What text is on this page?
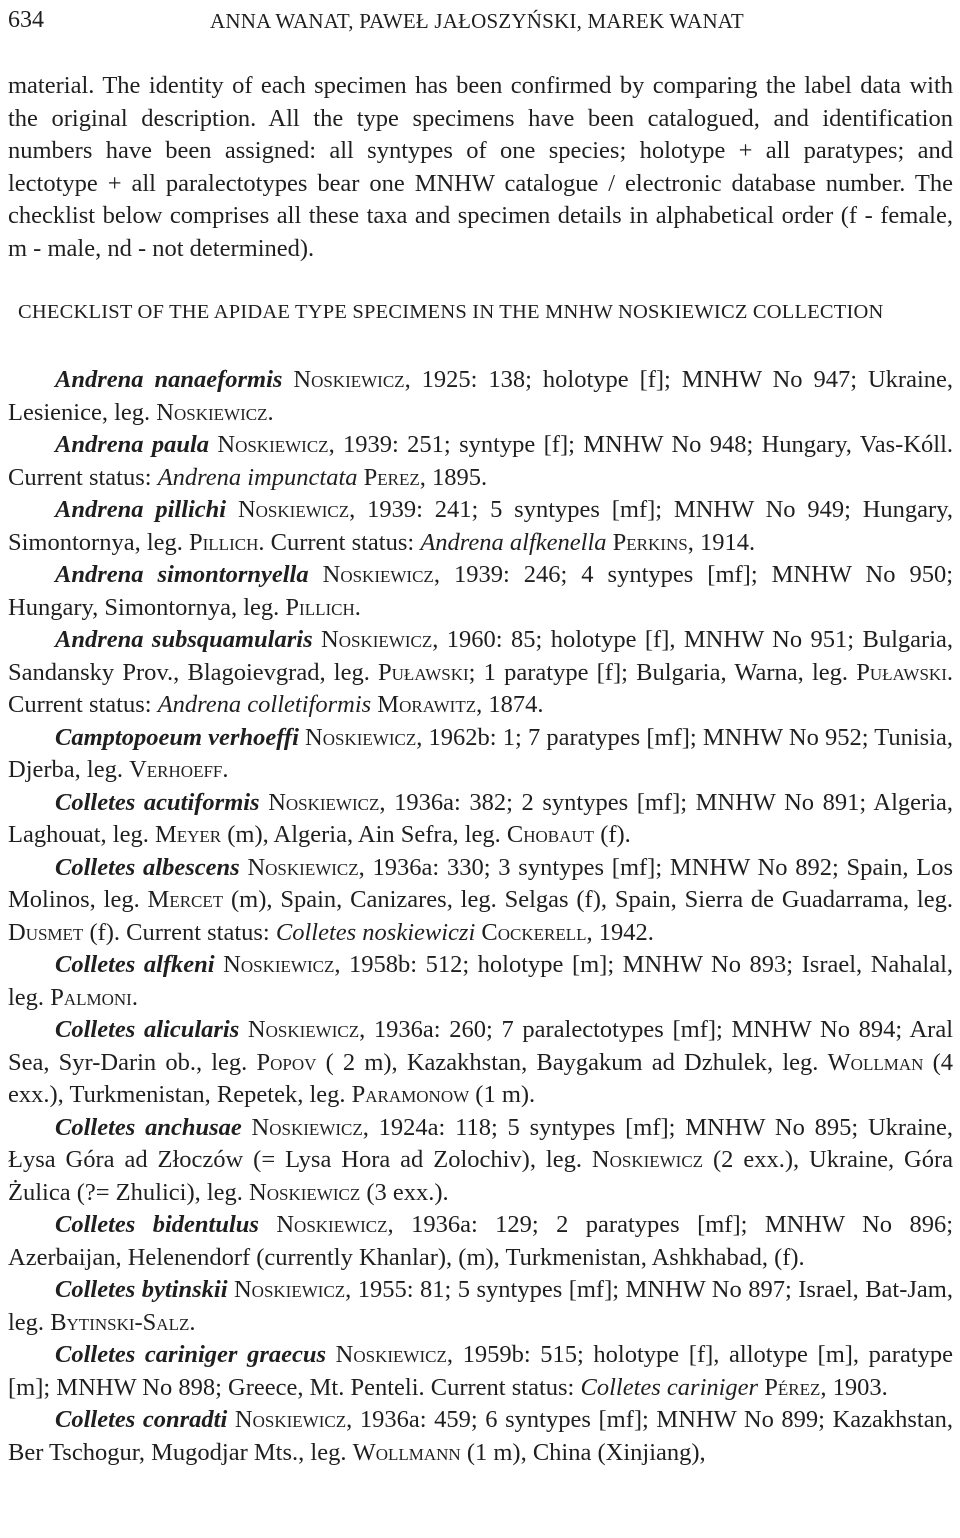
634	ANNA WANAT, PAWEŁ JAŁOSZYŃSKI, MAREK WANAT

material. The identity of each specimen has been confirmed by comparing the label data with the original description. All the type specimens have been catalogued, and identification numbers have been assigned: all syntypes of one species; holotype + all paratypes; and lectotype + all paralectotypes bear one MNHW catalogue / electronic database number. The checklist below comprises all these taxa and specimen details in alphabetical order (f - female, m - male, nd - not determined).

CHECKLIST OF THE APIDAE TYPE SPECIMENS IN THE MNHW NOSKIEWICZ COLLECTION

Andrena nanaeformis Noskiewicz, 1925: 138; holotype [f]; MNHW No 947; Ukraine, Lesienice, leg. Noskiewicz.

Andrena paula Noskiewicz, 1939: 251; syntype [f]; MNHW No 948; Hungary, Vas-Kóll. Current status: Andrena impunctata Perez, 1895.

Andrena pillichi Noskiewicz, 1939: 241; 5 syntypes [mf]; MNHW No 949; Hungary, Simontornya, leg. Pillich. Current status: Andrena alfkenella Perkins, 1914.

Andrena simontornyella Noskiewicz, 1939: 246; 4 syntypes [mf]; MNHW No 950; Hungary, Simontornya, leg. Pillich.

Andrena subsquamularis Noskiewicz, 1960: 85; holotype [f], MNHW No 951; Bulgaria, Sandansky Prov., Blagoievgrad, leg. Puławski; 1 paratype [f]; Bulgaria, Warna, leg. Puławski. Current status: Andrena colletiformis Morawitz, 1874.

Camptopoeum verhoeffi Noskiewicz, 1962b: 1; 7 paratypes [mf]; MNHW No 952; Tunisia, Djerba, leg. Verhoeff.

Colletes acutiformis Noskiewicz, 1936a: 382; 2 syntypes [mf]; MNHW No 891; Algeria, Laghouat, leg. Meyer (m), Algeria, Ain Sefra, leg. Chobaut (f).

Colletes albescens Noskiewicz, 1936a: 330; 3 syntypes [mf]; MNHW No 892; Spain, Los Molinos, leg. Mercet (m), Spain, Canizares, leg. Selgas (f), Spain, Sierra de Guadarrama, leg. Dusmet (f). Current status: Colletes noskiewiczi Cockerell, 1942.

Colletes alfkeni Noskiewicz, 1958b: 512; holotype [m]; MNHW No 893; Israel, Nahalal, leg. Palmoni.

Colletes alicularis Noskiewicz, 1936a: 260; 7 paralectotypes [mf]; MNHW No 894; Aral Sea, Syr-Darin ob., leg. Popov ( 2 m), Kazakhstan, Baygakum ad Dzhulek, leg. Wollman (4 exx.), Turkmenistan, Repetek, leg. Paramonow (1 m).

Colletes anchusae Noskiewicz, 1924a: 118; 5 syntypes [mf]; MNHW No 895; Ukraine, Łysa Góra ad Złoczów (= Lysa Hora ad Zolochiv), leg. Noskiewicz (2 exx.), Ukraine, Góra Żulica (?= Zhulici), leg. Noskiewicz (3 exx.).

Colletes bidentulus Noskiewicz, 1936a: 129; 2 paratypes [mf]; MNHW No 896; Azerbaijan, Helenendorf (currently Khanlar), (m), Turkmenistan, Ashkhabad, (f).

Colletes bytinskii Noskiewicz, 1955: 81; 5 syntypes [mf]; MNHW No 897; Israel, Bat-Jam, leg. Bytinski-Salz.

Colletes cariniger graecus Noskiewicz, 1959b: 515; holotype [f], allotype [m], paratype [m]; MNHW No 898; Greece, Mt. Penteli. Current status: Colletes cariniger Pérez, 1903.

Colletes conradti Noskiewicz, 1936a: 459; 6 syntypes [mf]; MNHW No 899; Kazakhstan, Ber Tschogur, Mugodjar Mts., leg. Wollmann (1 m), China (Xinjiang),
